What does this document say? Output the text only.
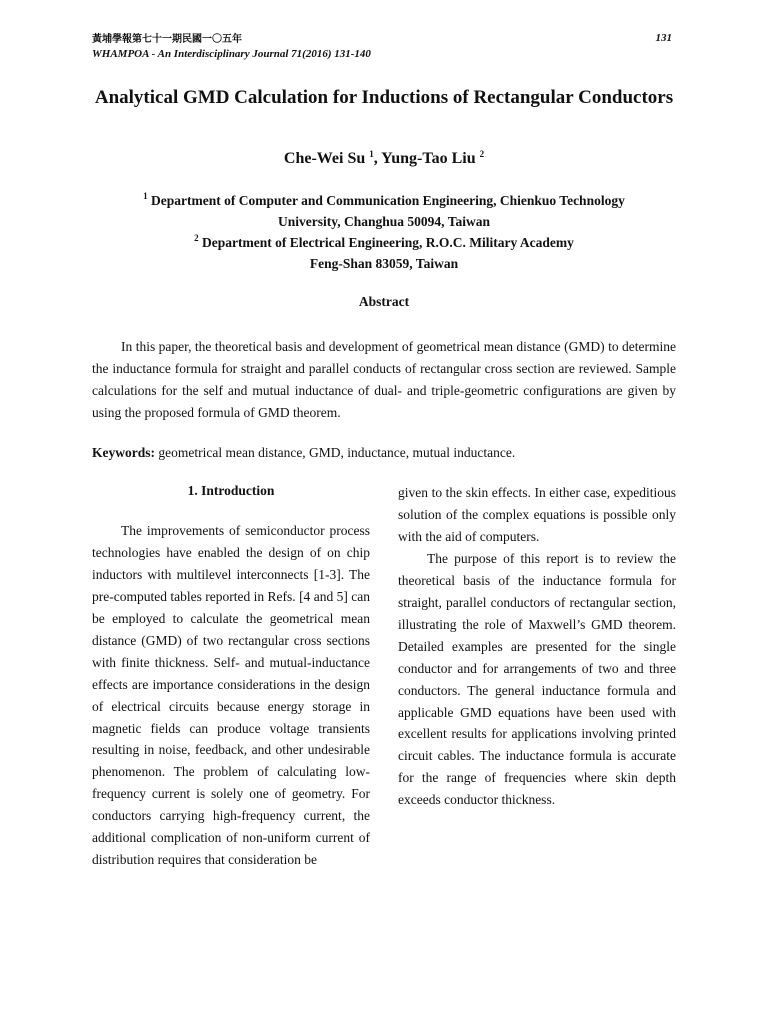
黃埔學報第七十一期民國一〇五年
WHAMPOA - An Interdisciplinary Journal 71(2016) 131-140
131
Analytical GMD Calculation for Inductions of Rectangular Conductors
Che-Wei Su $^1$, Yung-Tao Liu $^2$
$^1$ Department of Computer and Communication Engineering, Chienkuo Technology
University, Changhua 50094, Taiwan
$^2$ Department of Electrical Engineering, R.O.C. Military Academy
Feng-Shan 83059, Taiwan
Abstract

In this paper, the theoretical basis and development of geometrical mean distance (GMD) to determine the inductance formula for straight and parallel conducts of rectangular cross section are reviewed. Sample calculations for the self and mutual inductance of dual- and triple-geometric configurations are given by using the proposed formula of GMD theorem.

Keywords: geometrical mean distance, GMD, inductance, mutual inductance.

1. Introduction

The improvements of semiconductor process technologies have enabled the design of on chip inductors with multilevel interconnects [1-3]. The pre-computed tables reported in Refs. [4 and 5] can be employed to calculate the geometrical mean distance (GMD) of two rectangular cross sections with finite thickness. Self- and mutual-inductance effects are importance considerations in the design of electrical circuits because energy storage in magnetic fields can produce voltage transients resulting in noise, feedback, and other undesirable phenomenon. The problem of calculating low-frequency current is solely one of geometry. For conductors carrying high-frequency current, the additional complication of non-uniform current of distribution requires that consideration be

given to the skin effects. In either case, expeditious solution of the complex equations is possible only with the aid of computers.

The purpose of this report is to review the theoretical basis of the inductance formula for straight, parallel conductors of rectangular section, illustrating the role of Maxwell’s GMD theorem. Detailed examples are presented for the single conductor and for arrangements of two and three conductors. The general inductance formula and applicable GMD equations have been used with excellent results for applications involving printed circuit cables. The inductance formula is accurate for the range of frequencies where skin depth exceeds conductor thickness.
